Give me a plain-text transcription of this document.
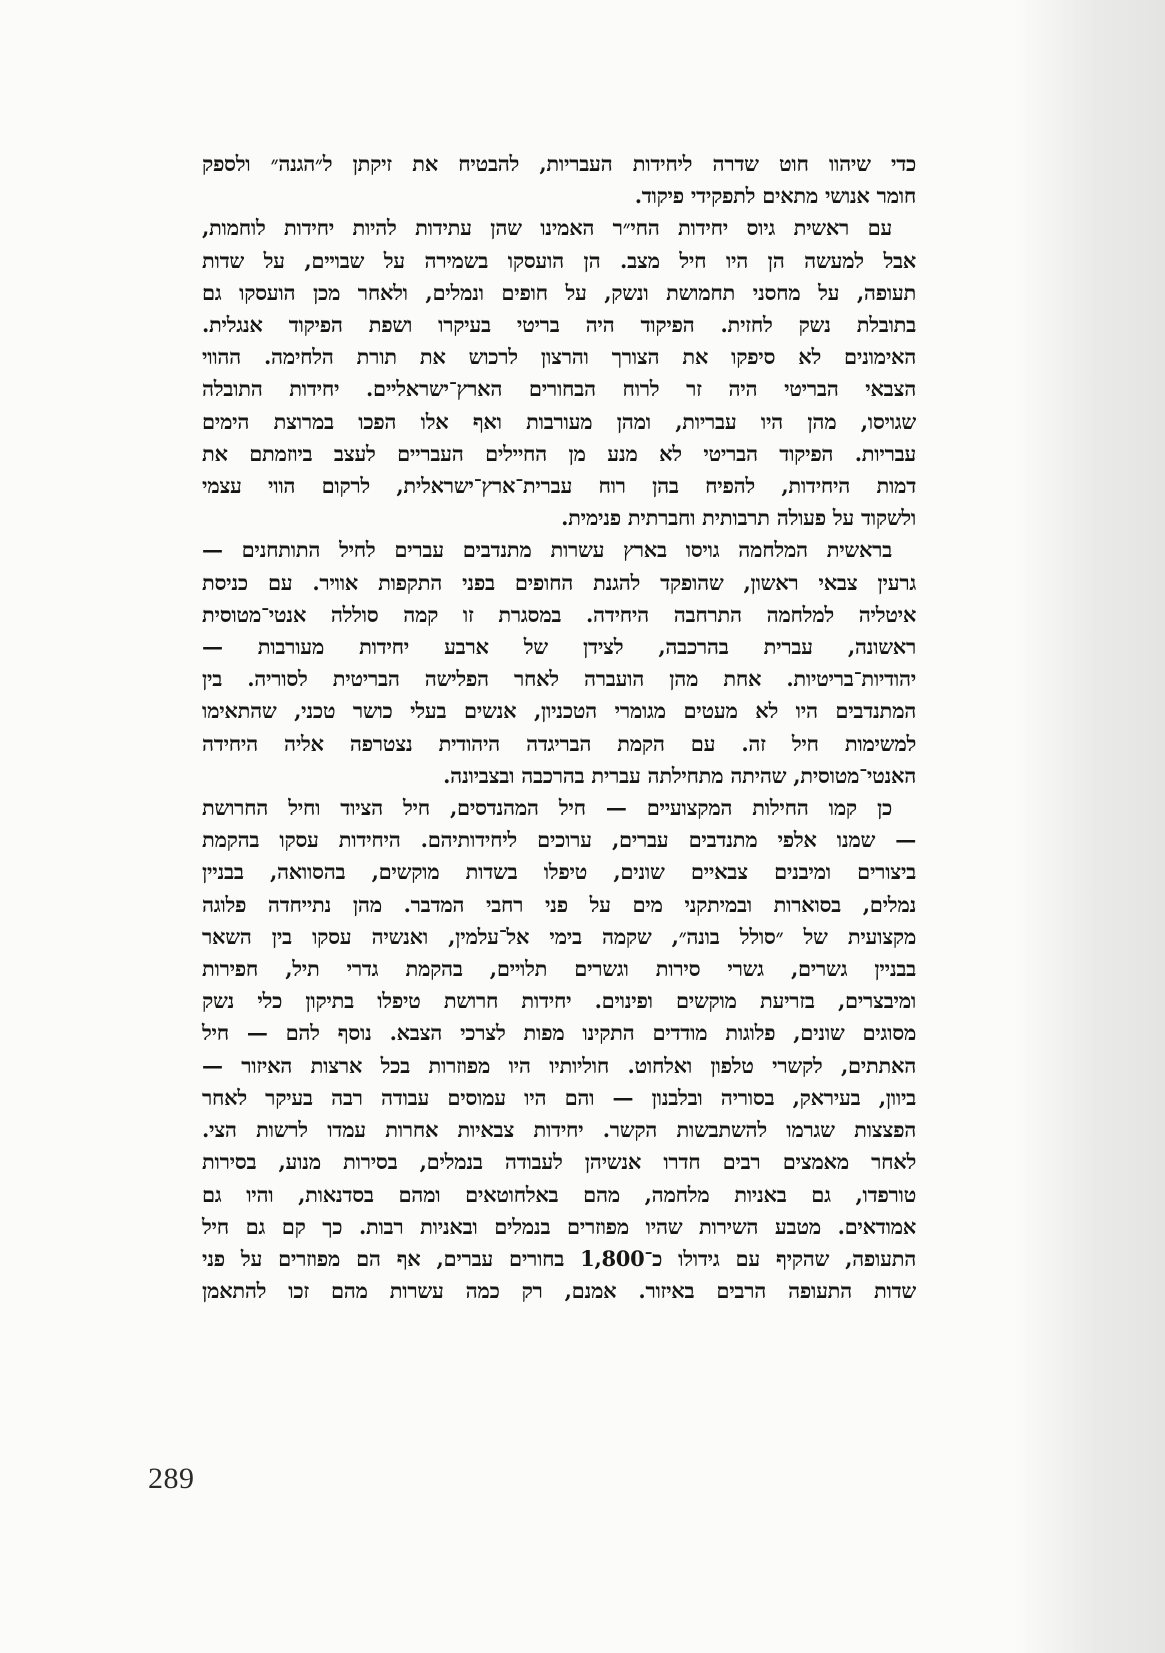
כדי שיהוו חוט שדרה ליחידות העבריות, להבטיח את זיקתן ל״הגנה״ ולספק
חומר אנושי מתאים לתפקידי פיקוד.
עם ראשית גיוס יחידות החי״ר האמינו שהן עתידות להיות יחידות לוחמות,
אבל למעשה הן היו חיל מצב. הן הועסקו בשמירה על שבויים, על שדות
תעופה, על מחסני תחמושת ונשק, על חופים ונמלים, ולאחר מכן הועסקו גם
בתובלת נשק לחזית. הפיקוד היה בריטי בעיקרו ושפת הפיקוד אנגלית.
האימונים לא סיפקו את הצורך והרצון לרכוש את תורת הלחימה. ההווי
הצבאי הבריטי היה זר לרוח הבחורים הארץ־ישראליים. יחידות התובלה
שגויסו, מהן היו עבריות, ומהן מעורבות ואף אלו הפכו במרוצת הימים
עבריות. הפיקוד הבריטי לא מנע מן החיילים העבריים לעצב ביוזמתם את
דמות היחידות, להפיח בהן רוח עברית־ארץ־ישראלית, לרקום הווי עצמי
ולשקוד על פעולה תרבותית וחברתית פנימית.
בראשית המלחמה גויסו בארץ עשרות מתנדבים עברים לחיל התותחנים —
גרעין צבאי ראשון, שהופקד להגנת החופים בפני התקפות אוויר. עם כניסת
איטליה למלחמה התרחבה היחידה. במסגרת זו קמה סוללה אנטי־מטוסית
ראשונה, עברית בהרכבה, לצידן של ארבע יחידות מעורבות —
יהודיות־בריטיות. אחת מהן הועברה לאחר הפלישה הבריטית לסוריה. בין
המתנדבים היו לא מעטים מגומרי הטכניון, אנשים בעלי כושר טכני, שהתאימו
למשימות חיל זה. עם הקמת הבריגדה היהודית נצטרפה אליה היחידה
האנטי־מטוסית, שהיתה מתחילתה עברית בהרכבה ובצביונה.
כן קמו החילות המקצועיים — חיל המהנדסים, חיל הציוד וחיל החרושת
— שמנו אלפי מתנדבים עברים, ערוכים ליחידותיהם. היחידות עסקו בהקמת
ביצורים ומיבנים צבאיים שונים, טיפלו בשדות מוקשים, בהסוואה, בבניין
נמלים, בסוארות ובמיתקני מים על פני רחבי המדבר. מהן נתייחדה פלוגה
מקצועית של ״סולל בונה״, שקמה בימי אל־עלמין, ואנשיה עסקו בין השאר
בבניין גשרים, גשרי סירות וגשרים תלויים, בהקמת גדרי תיל, חפירות
ומיבצרים, בזריעת מוקשים ופינוים. יחידות חרושת טיפלו בתיקון כלי נשק
מסוגים שונים, פלוגות מודדים התקינו מפות לצרכי הצבא. נוסף להם — חיל
האתתים, לקשרי טלפון ואלחוט. חוליותיו היו מפוזרות בכל ארצות האיזור —
ביוון, בעיראק, בסוריה ובלבנון — והם היו עמוסים עבודה רבה בעיקר לאחר
הפצצות שגרמו להשתבשות הקשר. יחידות צבאיות אחרות עמדו לרשות הצי.
לאחר מאמצים רבים חדרו אנשיהן לעבודה בנמלים, בסירות מנוע, בסירות
טורפדו, גם באניות מלחמה, מהם באלחוטאים ומהם בסדנאות, והיו גם
אמודאים. מטבע השירות שהיו מפוזרים בנמלים ובאניות רבות. כך קם גם חיל
התעופה, שהקיף עם גידולו כ־1,800 בחורים עברים, אף הם מפוזרים על פני
שדות התעופה הרבים באיזור. אמנם, רק כמה עשרות מהם זכו להתאמן
289
